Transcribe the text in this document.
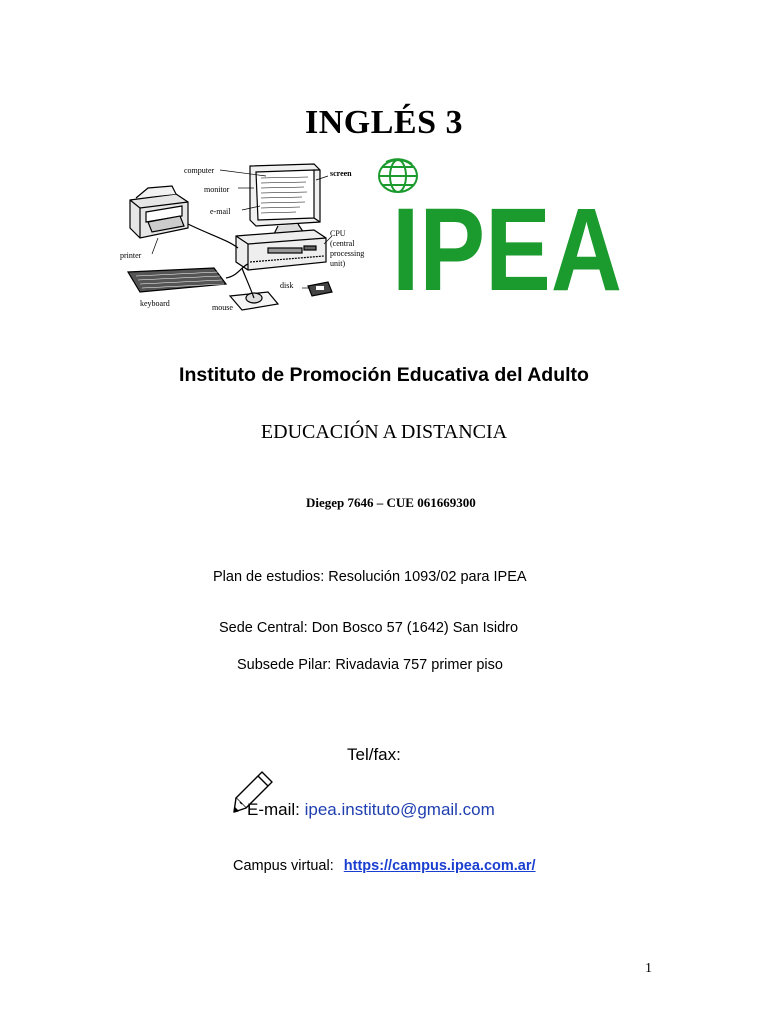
INGLÉS 3
computer
monitor
e-mail
screen
printer
keyboard	mouse
disk
CPU
(central
processing
unit) IPEA
Instituto de Promoción Educativa del Adulto
EDUCACIÓN A DISTANCIA
Diegep 7646 – CUE 061669300
Plan de estudios: Resolución 1093/02 para IPEA
Sede Central: Don Bosco 57 (1642) San Isidro
Subsede Pilar: Rivadavia 757 primer piso
Tel/fax:
E-mail: ipea.instituto@gmail.com
Campus virtual: https://campus.ipea.com.ar/
1
